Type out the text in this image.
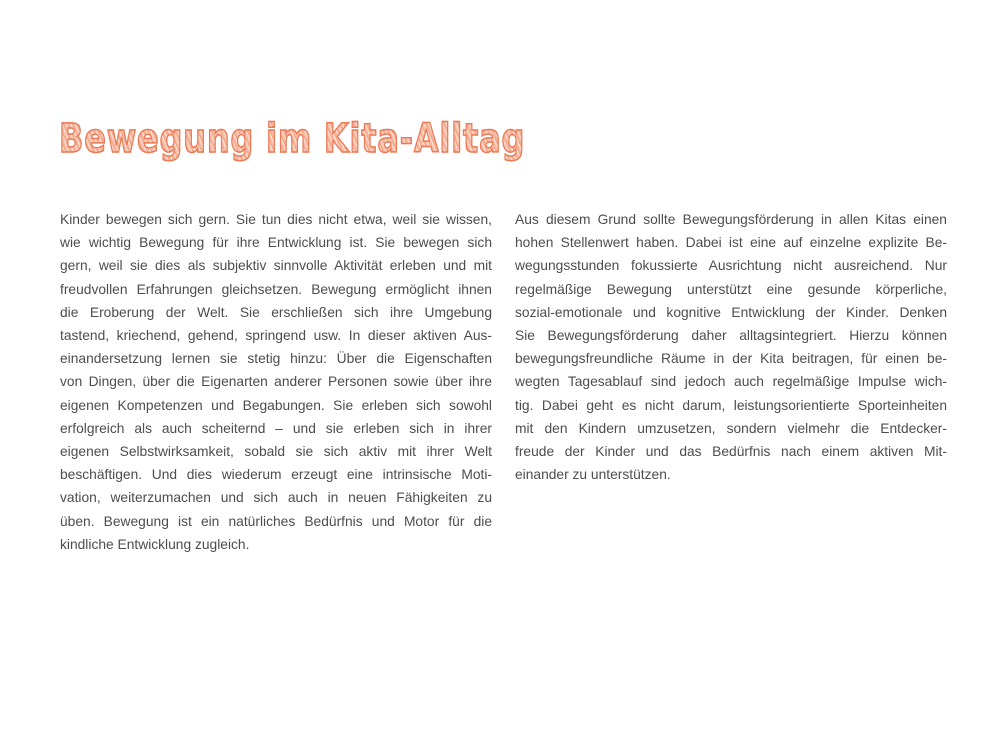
Bewegung im Kita-Alltag
Kinder bewegen sich gern. Sie tun dies nicht etwa, weil sie wissen,
wie wichtig Bewegung für ihre Entwicklung ist. Sie bewegen sich
gern, weil sie dies als subjektiv sinnvolle Aktivität erleben und mit
freudvollen Erfahrungen gleichsetzen. Bewegung ermöglicht ihnen
die Eroberung der Welt. Sie erschließen sich ihre Umgebung
tastend, kriechend, gehend, springend usw. In dieser aktiven Aus-
einandersetzung lernen sie stetig hinzu: Über die Eigenschaften
von Dingen, über die Eigenarten anderer Personen sowie über ihre
eigenen Kompetenzen und Begabungen. Sie erleben sich sowohl
erfolgreich als auch scheiternd – und sie erleben sich in ihrer
eigenen Selbstwirksamkeit, sobald sie sich aktiv mit ihrer Welt
beschäftigen. Und dies wiederum erzeugt eine intrinsische Moti-
vation, weiterzumachen und sich auch in neuen Fähigkeiten zu
üben. Bewegung ist ein natürliches Bedürfnis und Motor für die
kindliche Entwicklung zugleich.
Aus diesem Grund sollte Bewegungsförderung in allen Kitas einen
hohen Stellenwert haben. Dabei ist eine auf einzelne explizite Be-
wegungsstunden fokussierte Ausrichtung nicht ausreichend. Nur
regelmäßige Bewegung unterstützt eine gesunde körperliche,
sozial-emotionale und kognitive Entwicklung der Kinder. Denken
Sie Bewegungsförderung daher alltagsintegriert. Hierzu können
bewegungsfreundliche Räume in der Kita beitragen, für einen be-
wegten Tagesablauf sind jedoch auch regelmäßige Impulse wich-
tig. Dabei geht es nicht darum, leistungsorientierte Sporteinheiten
mit den Kindern umzusetzen, sondern vielmehr die Entdecker-
freude der Kinder und das Bedürfnis nach einem aktiven Mit-
einander zu unterstützen.
